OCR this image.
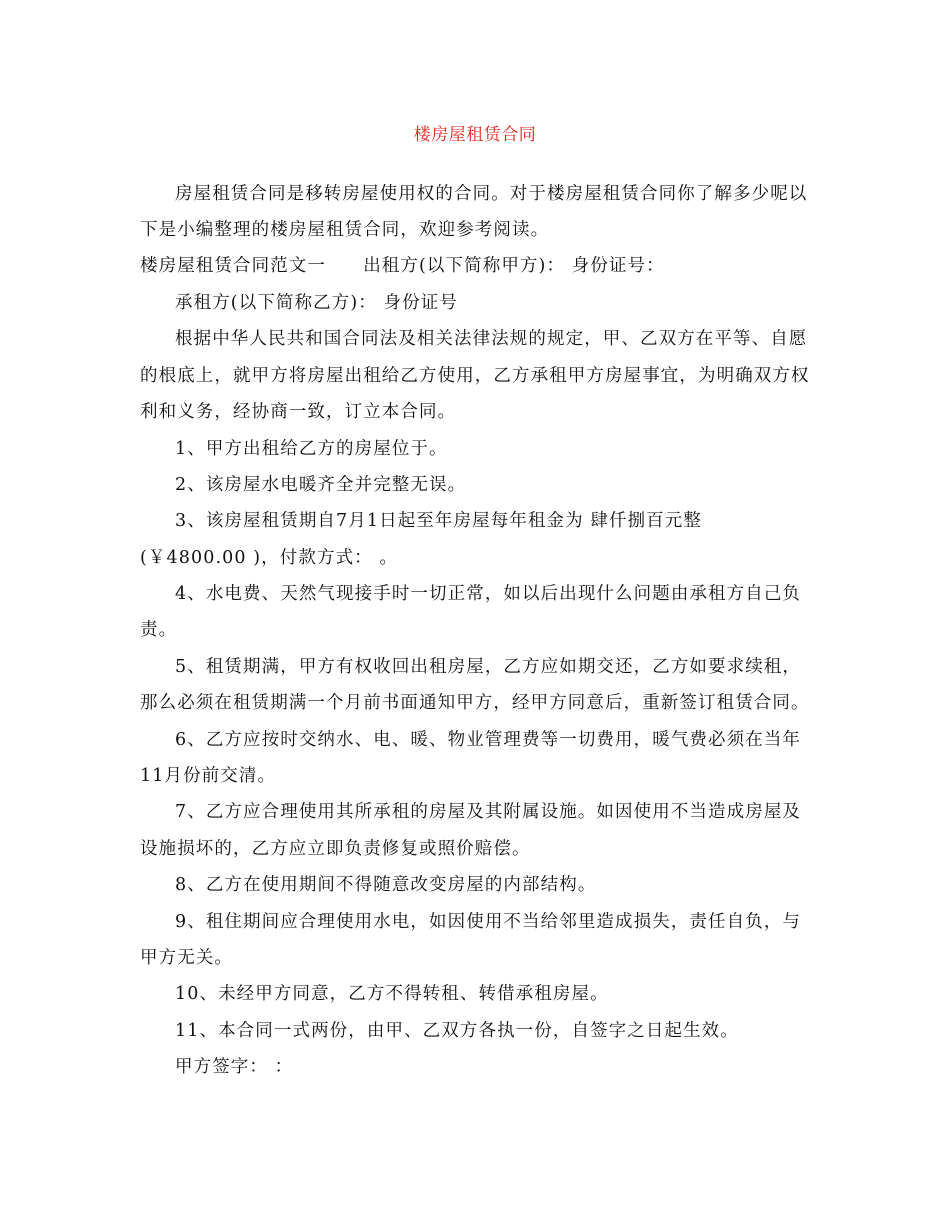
楼房屋租赁合同
房屋租赁合同是移转房屋使用权的合同。对于楼房屋租赁合同你了解多少呢以
下是小编整理的楼房屋租赁合同，欢迎参考阅读。
楼房屋租赁合同范文一　　出租方(以下简称甲方)： 身份证号：
承租方(以下简称乙方)： 身份证号
根据中华人民共和国合同法及相关法律法规的规定，甲、乙双方在平等、自愿
的根底上，就甲方将房屋出租给乙方使用，乙方承租甲方房屋事宜，为明确双方权
利和义务，经协商一致，订立本合同。
1、甲方出租给乙方的房屋位于。
2、该房屋水电暖齐全并完整无误。
3、该房屋租赁期自7月1日起至年房屋每年租金为 肆仟捌百元整
(￥4800.00 )，付款方式： 。
4、水电费、天然气现接手时一切正常，如以后出现什么问题由承租方自己负
责。
5、租赁期满，甲方有权收回出租房屋，乙方应如期交还，乙方如要求续租，
那么必须在租赁期满一个月前书面通知甲方，经甲方同意后，重新签订租赁合同。
6、乙方应按时交纳水、电、暖、物业管理费等一切费用，暖气费必须在当年
11月份前交清。
7、乙方应合理使用其所承租的房屋及其附属设施。如因使用不当造成房屋及
设施损坏的，乙方应立即负责修复或照价赔偿。
8、乙方在使用期间不得随意改变房屋的内部结构。
9、租住期间应合理使用水电，如因使用不当给邻里造成损失，责任自负，与
甲方无关。
10、未经甲方同意，乙方不得转租、转借承租房屋。
11、本合同一式两份，由甲、乙双方各执一份，自签字之日起生效。
甲方签字： ：
